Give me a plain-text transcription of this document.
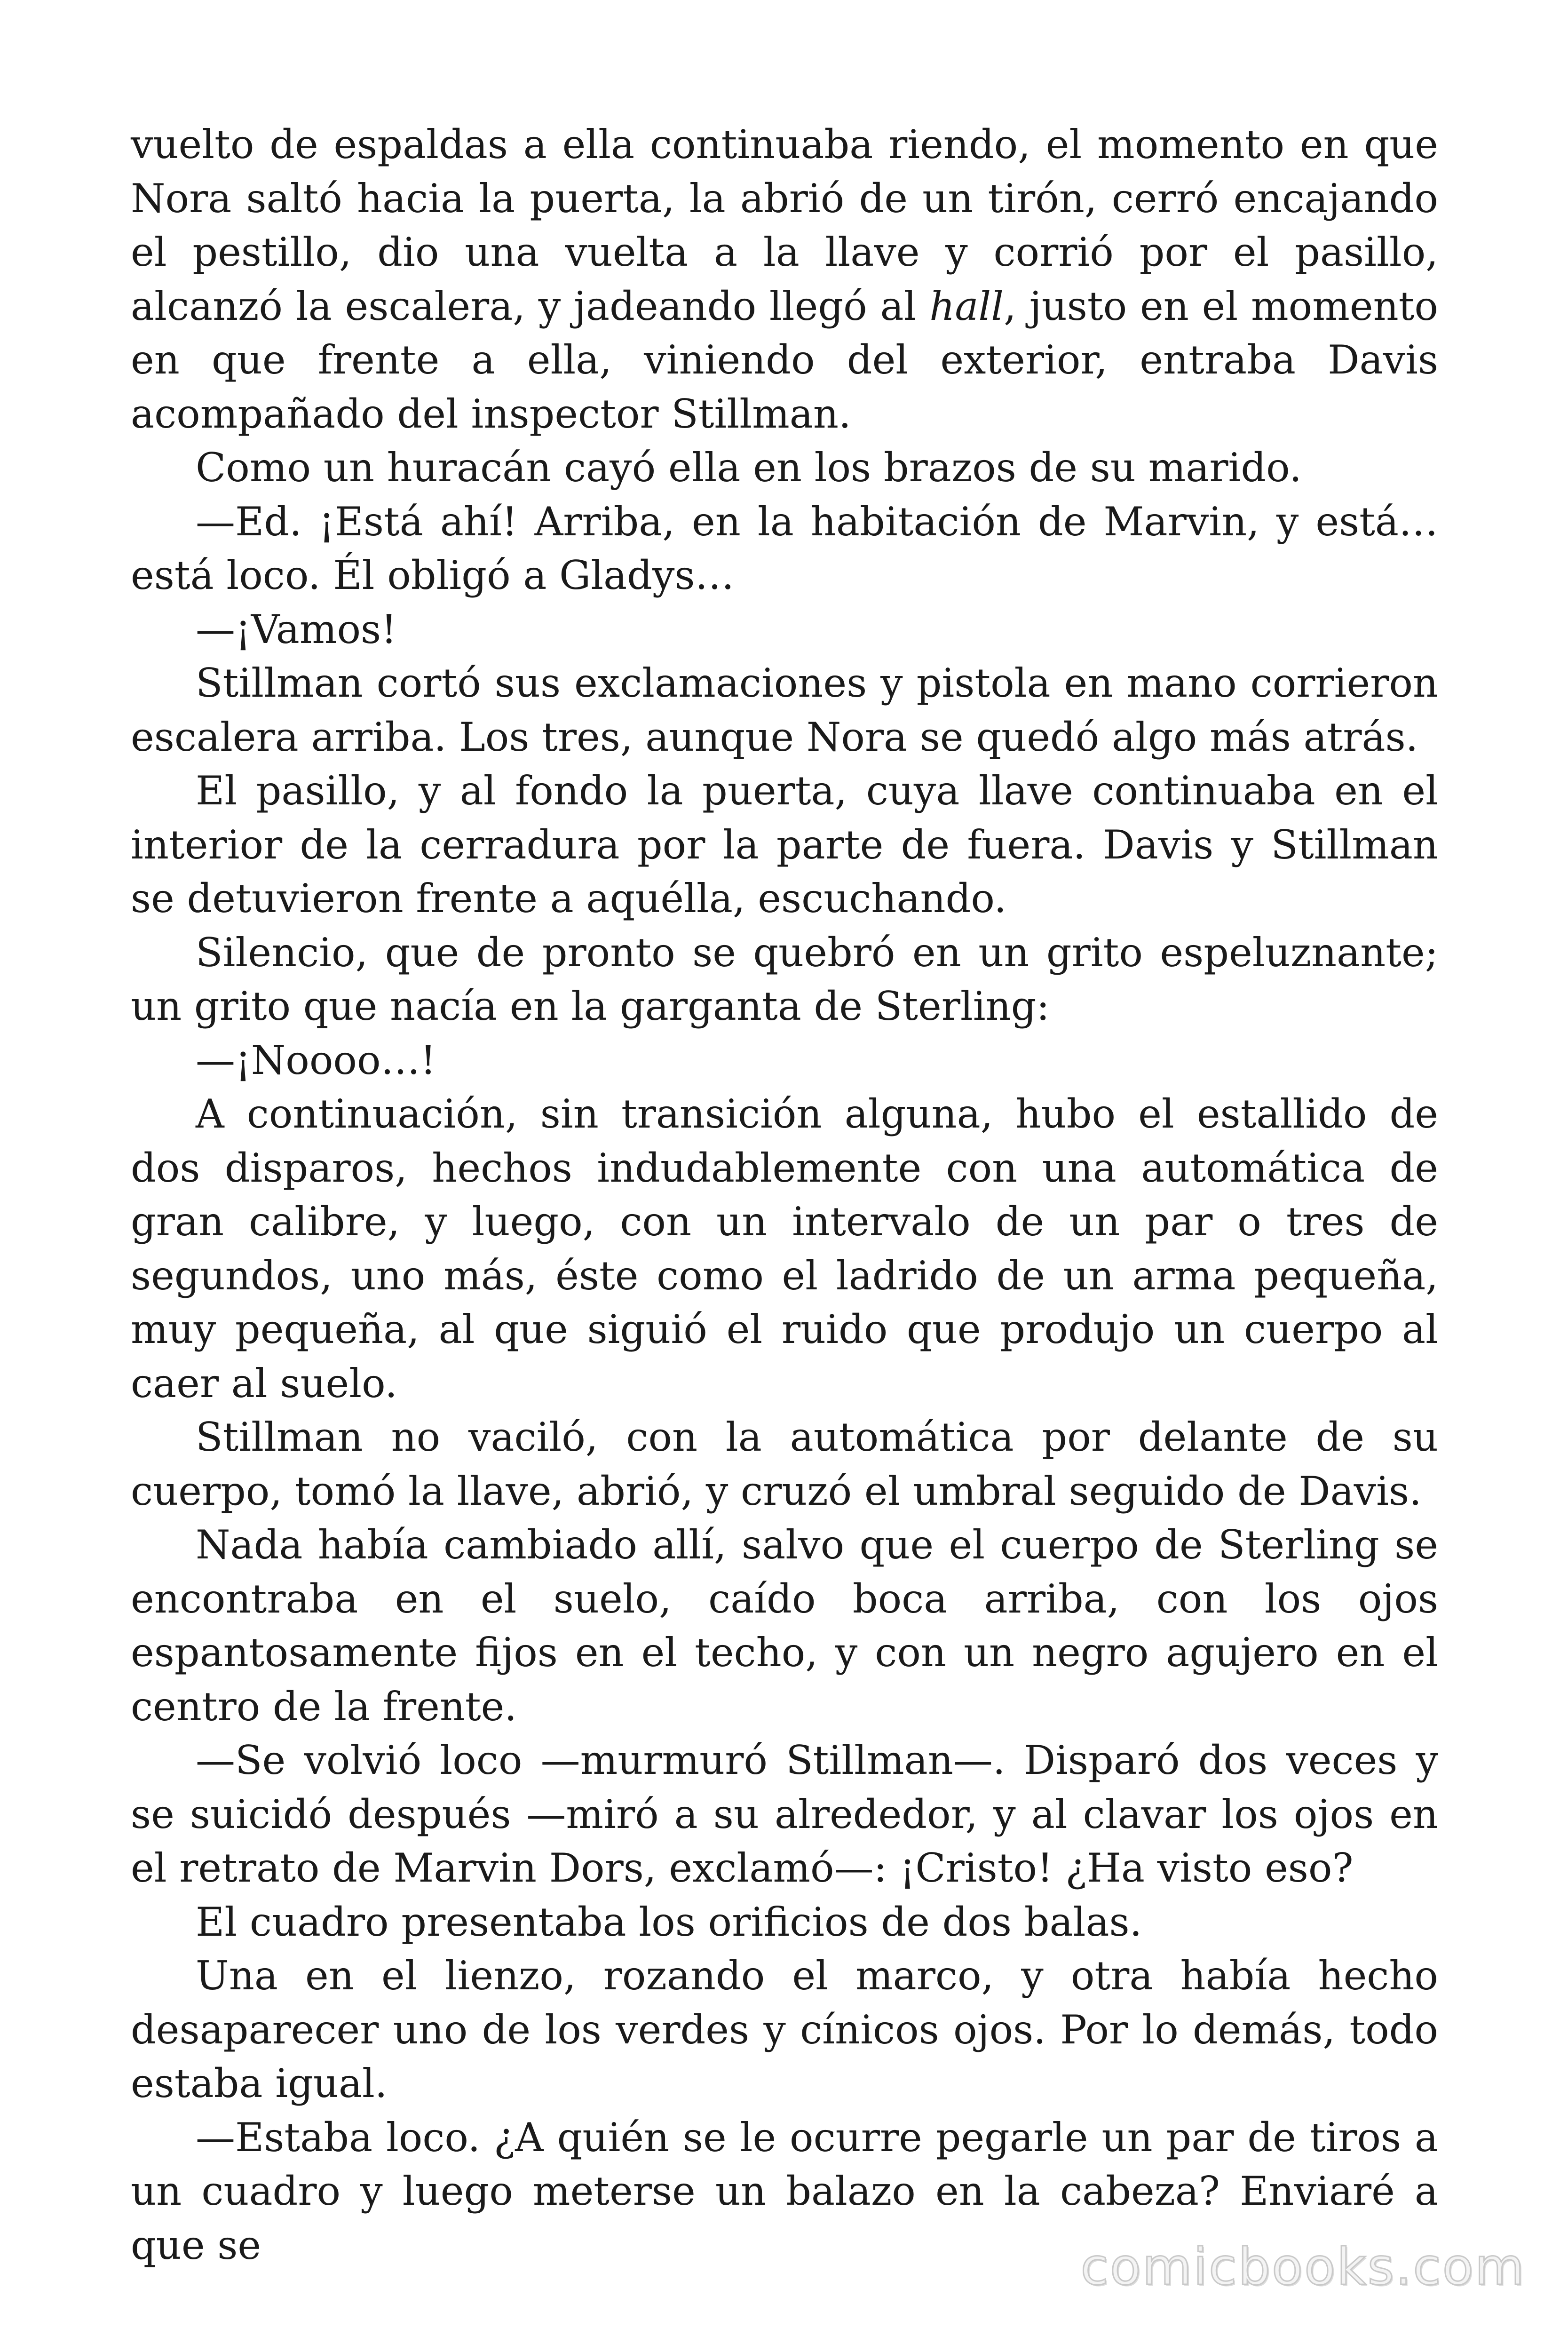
vuelto de espaldas a ella continuaba riendo, el momento en que Nora saltó hacia la puerta, la abrió de un tirón, cerró encajando el pestillo, dio una vuelta a la llave y corrió por el pasillo, alcanzó la escalera, y jadeando llegó al hall, justo en el momento en que frente a ella, viniendo del exterior, entraba Davis acompañado del inspector Stillman.

Como un huracán cayó ella en los brazos de su marido.

—Ed. ¡Está ahí! Arriba, en la habitación de Marvin, y está… está loco. Él obligó a Gladys…

—¡Vamos!

Stillman cortó sus exclamaciones y pistola en mano corrieron escalera arriba. Los tres, aunque Nora se quedó algo más atrás.

El pasillo, y al fondo la puerta, cuya llave continuaba en el interior de la cerradura por la parte de fuera. Davis y Stillman se detuvieron frente a aquélla, escuchando.

Silencio, que de pronto se quebró en un grito espeluznante; un grito que nacía en la garganta de Sterling:

—¡Noooo…!

A continuación, sin transición alguna, hubo el estallido de dos disparos, hechos indudablemente con una automática de gran calibre, y luego, con un intervalo de un par o tres de segundos, uno más, éste como el ladrido de un arma pequeña, muy pequeña, al que siguió el ruido que produjo un cuerpo al caer al suelo.

Stillman no vaciló, con la automática por delante de su cuerpo, tomó la llave, abrió, y cruzó el umbral seguido de Davis.

Nada había cambiado allí, salvo que el cuerpo de Sterling se encontraba en el suelo, caído boca arriba, con los ojos espantosamente fijos en el techo, y con un negro agujero en el centro de la frente.

—Se volvió loco —murmuró Stillman—. Disparó dos veces y se suicidó después —miró a su alrededor, y al clavar los ojos en el retrato de Marvin Dors, exclamó—: ¡Cristo! ¿Ha visto eso?

El cuadro presentaba los orificios de dos balas.

Una en el lienzo, rozando el marco, y otra había hecho desaparecer uno de los verdes y cínicos ojos. Por lo demás, todo estaba igual.

—Estaba loco. ¿A quién se le ocurre pegarle un par de tiros a un cuadro y luego meterse un balazo en la cabeza? Enviaré a que se	comicbooks.com
